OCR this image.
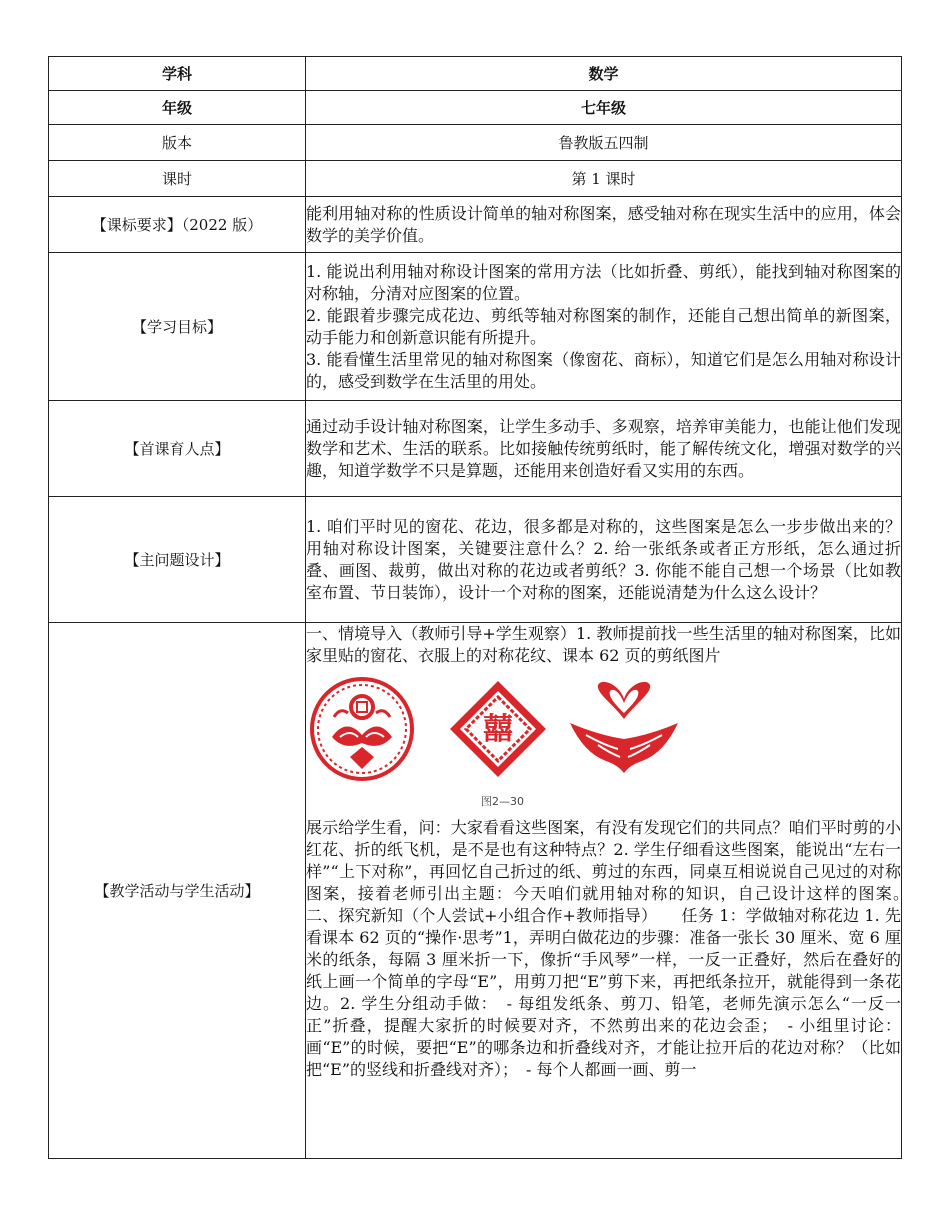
学科	数学
年级	七年级
版本	鲁教版五四制
课时	第 1 课时
【课标要求】（2022 版）	能利用轴对称的性质设计简单的轴对称图案，感受轴对称在现实生活中的应用，体会数学的美学价值。
【学习目标】	1. 能说出利用轴对称设计图案的常用方法（比如折叠、剪纸），能找到轴对称图案的对称轴，分清对应图案的位置。

2. 能跟着步骤完成花边、剪纸等轴对称图案的制作，还能自己想出简单的新图案，动手能力和创新意识能有所提升。

3. 能看懂生活里常见的轴对称图案（像窗花、商标），知道它们是怎么用轴对称设计的，感受到数学在生活里的用处。

【首课育人点】	通过动手设计轴对称图案，让学生多动手、多观察，培养审美能力，也能让他们发现数学和艺术、生活的联系。比如接触传统剪纸时，能了解传统文化，增强对数学的兴趣，知道学数学不只是算题，还能用来创造好看又实用的东西。
【主问题设计】	1. 咱们平时见的窗花、花边，很多都是对称的，这些图案是怎么一步步做出来的？用轴对称设计图案，关键要注意什么？2. 给一张纸条或者正方形纸，怎么通过折叠、画图、裁剪，做出对称的花边或者剪纸？3. 你能不能自己想一个场景（比如教室布置、节日装饰），设计一个对称的图案，还能说清楚为什么这么设计？
【教学活动与学生活动】	一、情境导入（教师引导+学生观察）1. 教师提前找一些生活里的轴对称图案，比如家里贴的窗花、衣服上的对称花纹、课本 62 页的剪纸图片

囍
图2—30

展示给学生看，问：大家看看这些图案，有没有发现它们的共同点？咱们平时剪的小红花、折的纸飞机，是不是也有这种特点？2. 学生仔细看这些图案，能说出“左右一样”“上下对称”，再回忆自己折过的纸、剪过的东西，同桌互相说说自己见过的对称图案，接着老师引出主题：今天咱们就用轴对称的知识，自己设计这样的图案。　　二、探究新知（个人尝试+小组合作+教师指导）　　任务 1：学做轴对称花边 1. 先看课本 62 页的“操作·思考”1，弄明白做花边的步骤：准备一张长 30 厘米、宽 6 厘米的纸条，每隔 3 厘米折一下，像折“手风琴”一样，一反一正叠好，然后在叠好的纸上画一个简单的字母“E”，用剪刀把“E”剪下来，再把纸条拉开，就能得到一条花边。2. 学生分组动手做：　- 每组发纸条、剪刀、铅笔，老师先演示怎么“一反一正”折叠，提醒大家折的时候要对齐，不然剪出来的花边会歪；　- 小组里讨论：画“E”的时候，要把“E”的哪条边和折叠线对齐，才能让拉开后的花边对称？（比如把“E”的竖线和折叠线对齐）；　- 每个人都画一画、剪一
